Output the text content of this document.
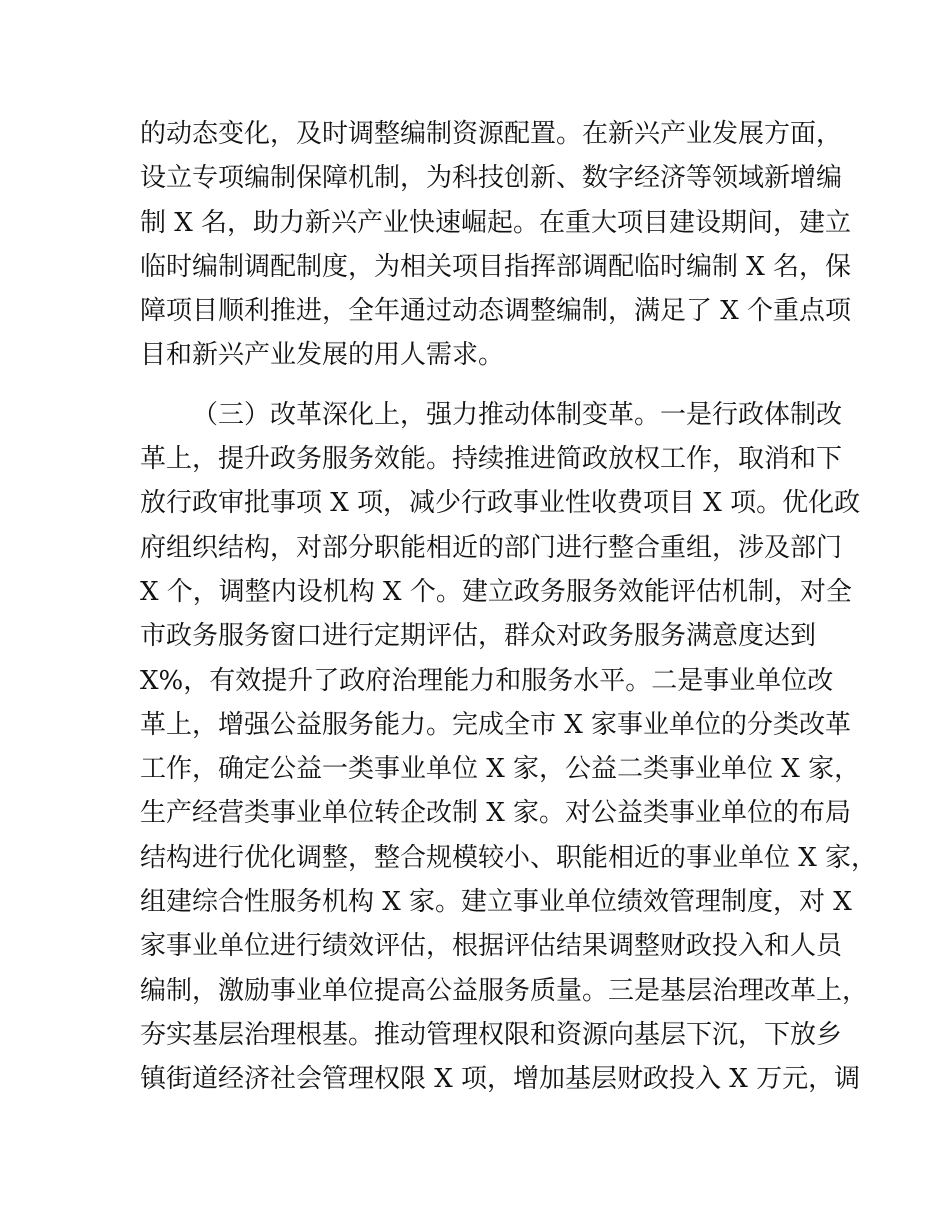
的动态变化，及时调整编制资源配置。在新兴产业发展方面，
设立专项编制保障机制，为科技创新、数字经济等领域新增编
制 X 名，助力新兴产业快速崛起。在重大项目建设期间，建立
临时编制调配制度，为相关项目指挥部调配临时编制 X 名，保
障项目顺利推进，全年通过动态调整编制，满足了 X 个重点项
目和新兴产业发展的用人需求。

（三）改革深化上，强力推动体制变革。一是行政体制改
革上，提升政务服务效能。持续推进简政放权工作，取消和下
放行政审批事项 X 项，减少行政事业性收费项目 X 项。优化政
府组织结构，对部分职能相近的部门进行整合重组，涉及部门
X 个，调整内设机构 X 个。建立政务服务效能评估机制，对全
市政务服务窗口进行定期评估，群众对政务服务满意度达到
X%，有效提升了政府治理能力和服务水平。二是事业单位改
革上，增强公益服务能力。完成全市 X 家事业单位的分类改革
工作，确定公益一类事业单位 X 家，公益二类事业单位 X 家，
生产经营类事业单位转企改制 X 家。对公益类事业单位的布局
结构进行优化调整，整合规模较小、职能相近的事业单位 X 家，
组建综合性服务机构 X 家。建立事业单位绩效管理制度，对 X
家事业单位进行绩效评估，根据评估结果调整财政投入和人员
编制，激励事业单位提高公益服务质量。三是基层治理改革上，
夯实基层治理根基。推动管理权限和资源向基层下沉，下放乡
镇街道经济社会管理权限 X 项，增加基层财政投入 X 万元，调
